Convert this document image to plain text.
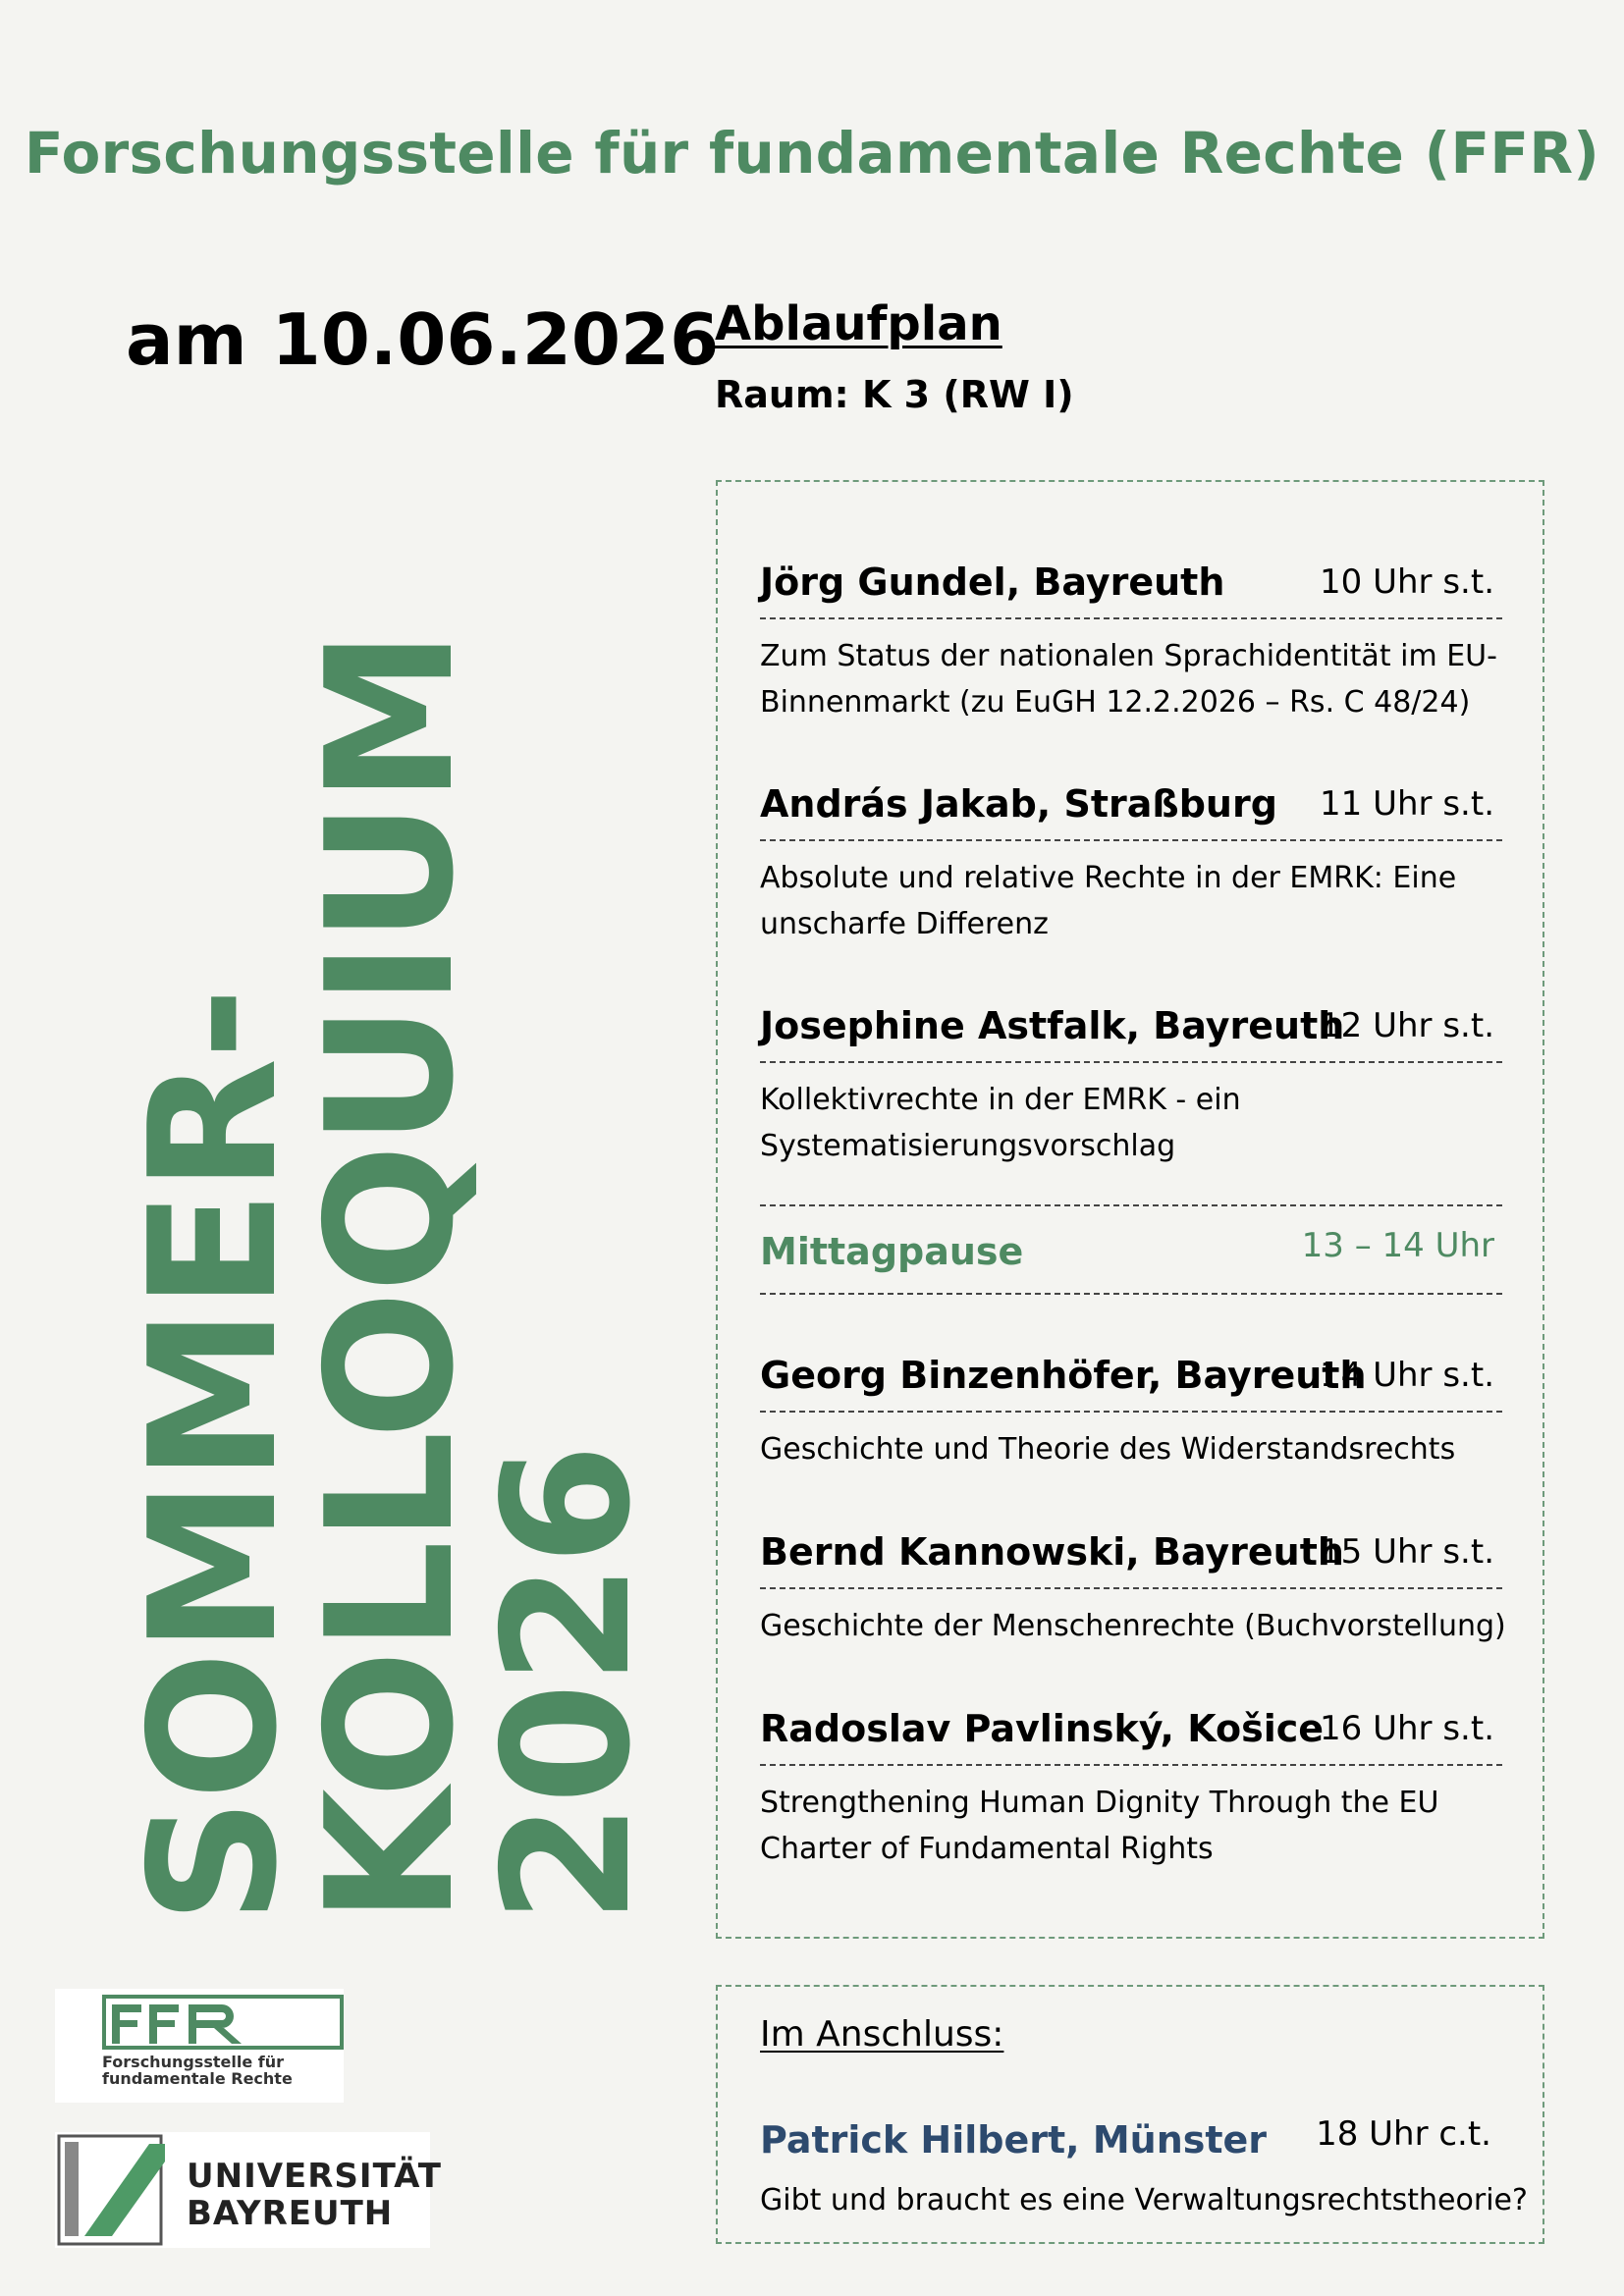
Forschungsstelle für fundamentale Rechte (FFR)
am 10.06.2026
Ablaufplan
Raum: K 3 (RW I)
SOMMER-
KOLLOQUIUM
2026
Jörg Gundel, Bayreuth	10 Uhr s.t.
Zum Status der nationalen Sprachidentität im EU-Binnenmarkt (zu EuGH 12.2.2026 – Rs. C 48/24)
András Jakab, Straßburg 11 Uhr s.t.
Absolute und relative Rechte in der EMRK: Eine unscharfe Differenz
Josephine Astfalk, Bayreuth
12 Uhr s.t.
Kollektivrechte in der EMRK - ein Systematisierungsvorschlag
Mittagpause	13 – 14 Uhr
Georg Binzenhöfer, Bayreuth
14 Uhr s.t.
Geschichte und Theorie des Widerstandsrechts
Bernd Kannowski, Bayreuth
15 Uhr s.t.
Geschichte der Menschenrechte (Buchvorstellung)
Radoslav Pavlinský, Košice
16 Uhr s.t.
Strengthening Human Dignity Through the EU Charter of Fundamental Rights
Im Anschluss:
Patrick Hilbert, Münster 18 Uhr c.t.
Gibt und braucht es eine Verwaltungsrechtstheorie?
Forschungsstelle für
fundamentale Rechte
UNIVERSITÄT
BAYREUTH
